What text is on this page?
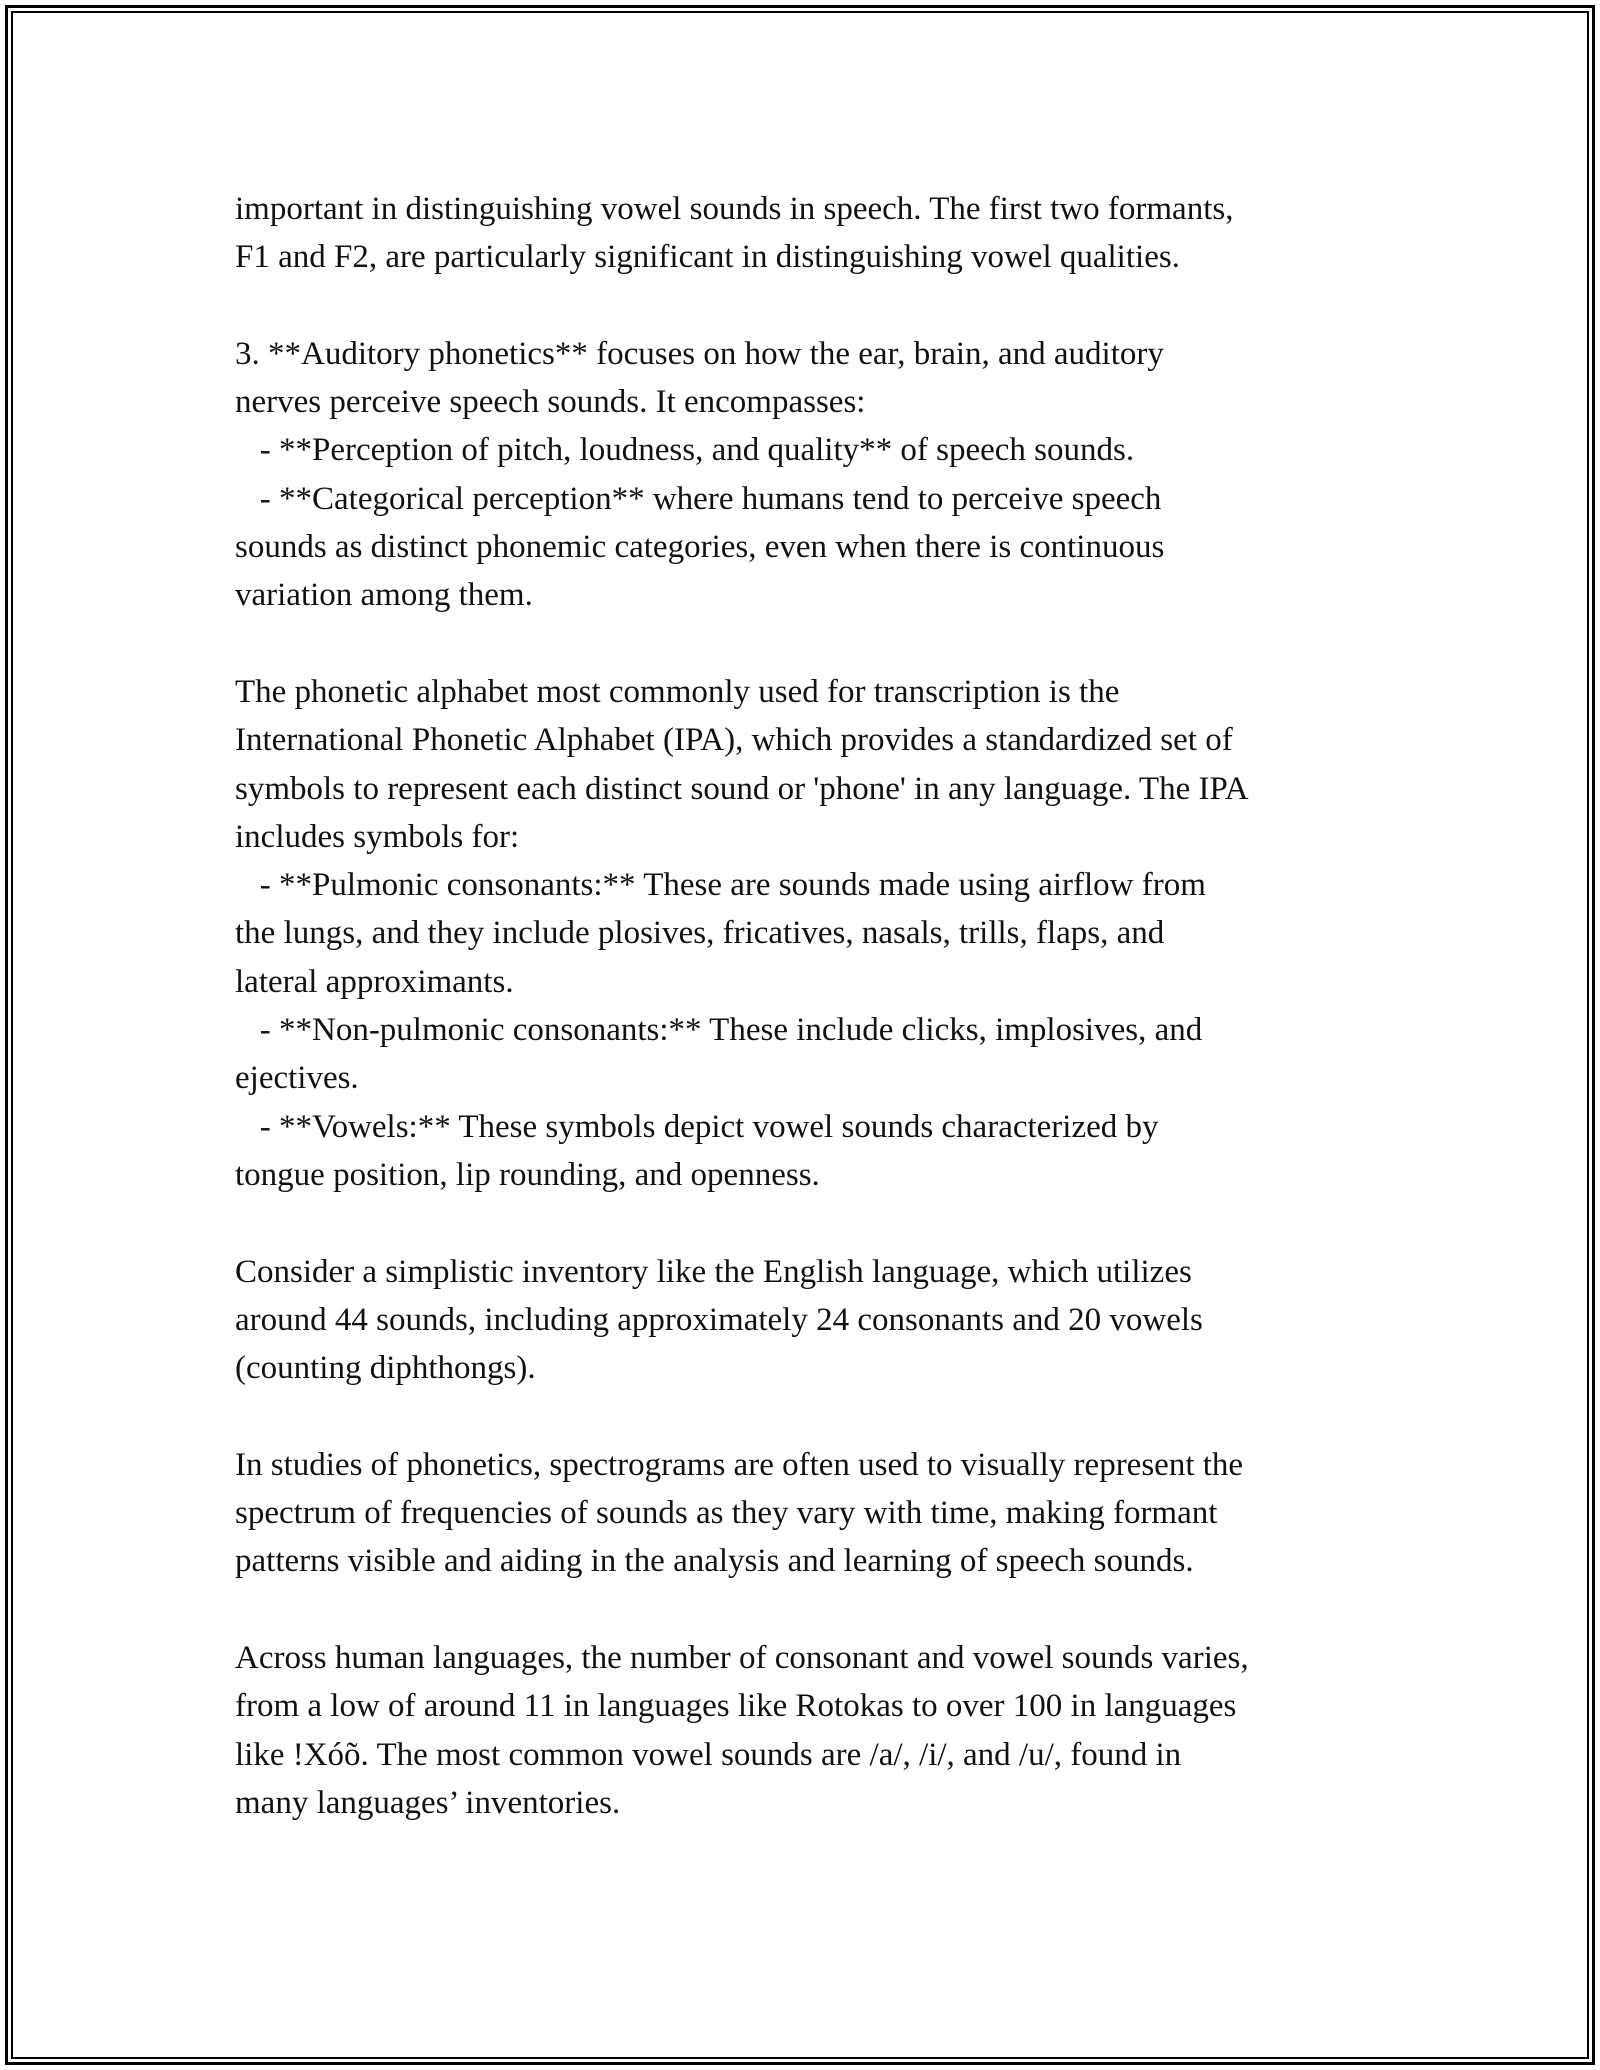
important in distinguishing vowel sounds in speech. The first two formants,
F1 and F2, are particularly significant in distinguishing vowel qualities.
3. **Auditory phonetics** focuses on how the ear, brain, and auditory
nerves perceive speech sounds. It encompasses:
- **Perception of pitch, loudness, and quality** of speech sounds.
- **Categorical perception** where humans tend to perceive speech
sounds as distinct phonemic categories, even when there is continuous
variation among them.
The phonetic alphabet most commonly used for transcription is the
International Phonetic Alphabet (IPA), which provides a standardized set of
symbols to represent each distinct sound or 'phone' in any language. The IPA
includes symbols for:
- **Pulmonic consonants:** These are sounds made using airflow from
the lungs, and they include plosives, fricatives, nasals, trills, flaps, and
lateral approximants.
- **Non-pulmonic consonants:** These include clicks, implosives, and
ejectives.
- **Vowels:** These symbols depict vowel sounds characterized by
tongue position, lip rounding, and openness.
Consider a simplistic inventory like the English language, which utilizes
around 44 sounds, including approximately 24 consonants and 20 vowels
(counting diphthongs).
In studies of phonetics, spectrograms are often used to visually represent the
spectrum of frequencies of sounds as they vary with time, making formant
patterns visible and aiding in the analysis and learning of speech sounds.
Across human languages, the number of consonant and vowel sounds varies,
from a low of around 11 in languages like Rotokas to over 100 in languages
like !Xóõ. The most common vowel sounds are /a/, /i/, and /u/, found in
many languages’ inventories.
